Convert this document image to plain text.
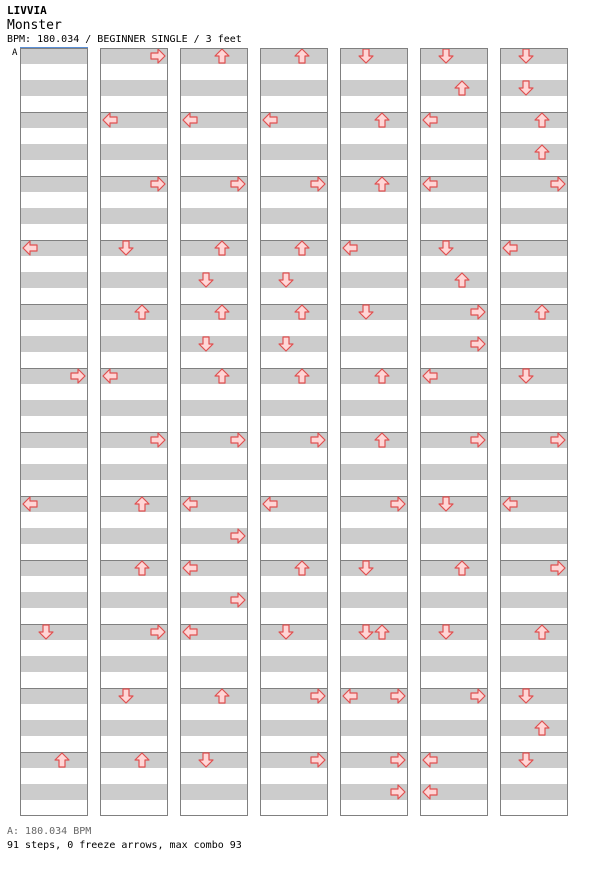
LIVVIA
Monster
BPM: 180.034 / BEGINNER SINGLE / 3 feet
A
A: 180.034 BPM
91 steps, 0 freeze arrows, max combo 93
